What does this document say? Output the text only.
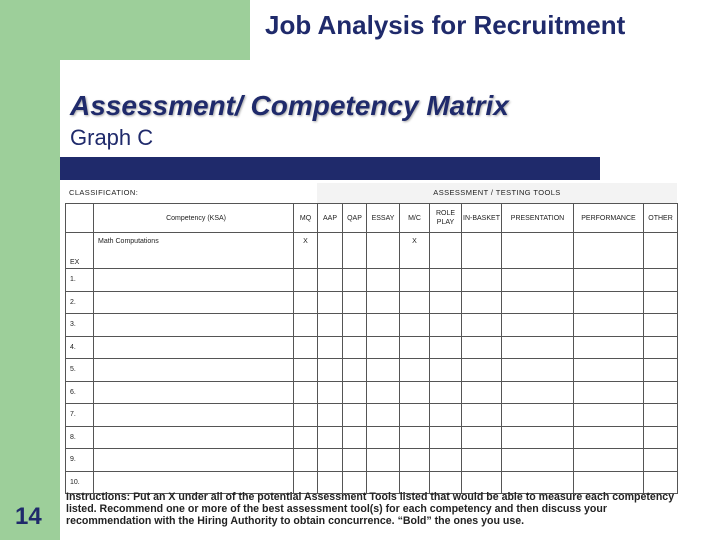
Job Analysis for Recruitment
Assessment/ Competency Matrix
Graph C
CLASSIFICATION:	ASSESSMENT / TESTING TOOLS
	Competency (KSA)	MQ	AAP	QAP	ESSAY	M/C	ROLE PLAY	IN-BASKET	PRESENTATION	PERFORMANCE	OTHER

EX	Math Computations	X				X					
1.											
2.											
3.											
4.											
5.											
6.											
7.											
8.											
9.											
10.											
Instructions: Put an X under all of the potential Assessment Tools listed that would be able to measure each competency listed. Recommend one or more of the best assessment tool(s) for each competency and then discuss your recommendation with the Hiring Authority to obtain concurrence. “Bold” the ones you use.
14
